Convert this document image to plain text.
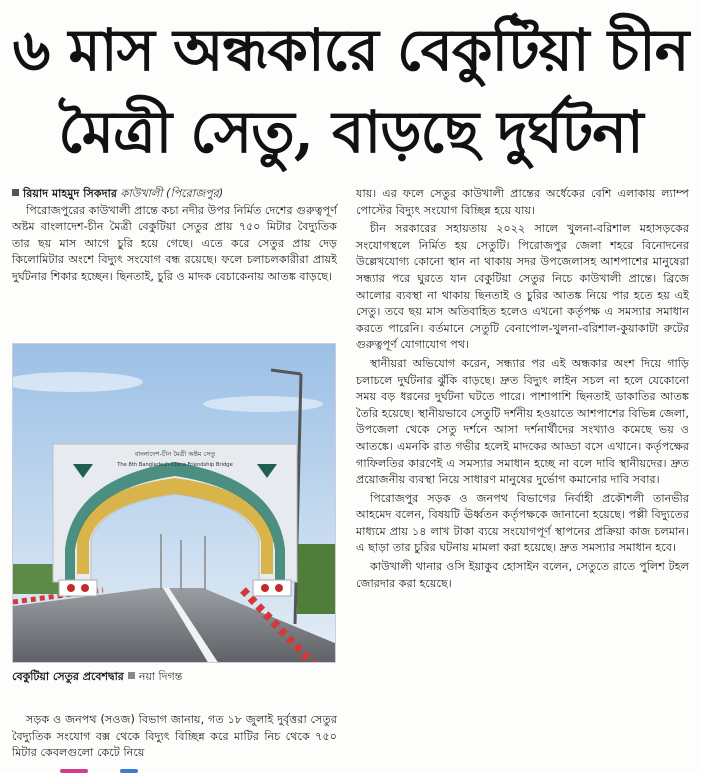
৬ মাস অন্ধকারে বেকুটিয়া চীন
মৈত্রী সেতু, বাড়ছে দুর্ঘটনা
রিয়াদ মাহমুদ সিকদার কাউখালী (পিরোজপুর)

পিরোজপুরের কাউখালী প্রান্তে কচা নদীর উপর নির্মিত দেশের গুরুত্বপূর্ণ অষ্টম বাংলাদেশ-চীন মৈত্রী বেকুটিয়া সেতুর প্রায় ৭৫০ মিটার বৈদ্যুতিক তার ছয় মাস আগে চুরি হয়ে গেছে। এতে করে সেতুর প্রায় দেড় কিলোমিটার অংশে বিদ্যুৎ সংযোগ বন্ধ রয়েছে। ফলে চলাচলকারীরা প্রায়ই দুর্ঘটনার শিকার হচ্ছেন। ছিনতাই, চুরি ও মাদক বেচাকেনায় আতঙ্ক বাড়ছে।

বাংলাদেশ-চীন মৈত্রী অষ্টম সেতু
The 8th Bangladesh-China Friendship Bridge
বেকুটিয়া সেতুর প্রবেশদ্বার নয়া দিগন্ত

সড়ক ও জনপথ (সওজ) বিভাগ জানায়, গত ১৮ জুলাই দুর্বৃত্তরা সেতুর বৈদ্যুতিক সংযোগ বক্স থেকে বিদ্যুৎ বিচ্ছিন্ন করে মাটির নিচ থেকে ৭৫০ মিটার কেবলগুলো কেটে নিয়ে

যায়। এর ফলে সেতুর কাউখালী প্রান্তের অর্ধেকের বেশি এলাকায় ল্যাম্প পোস্টের বিদ্যুৎ সংযোগ বিচ্ছিন্ন হয়ে যায়।

চীন সরকারের সহায়তায় ২০২২ সালে খুলনা-বরিশাল মহাসড়কের সংযোগস্থলে নির্মিত হয় সেতুটি। পিরোজপুর জেলা শহরে বিনোদনের উল্লেখযোগ্য কোনো স্থান না থাকায় সদর উপজেলাসহ আশপাশের মানুষেরা সন্ধ্যার পরে ঘুরতে যান বেকুটিয়া সেতুর নিচে কাউখালী প্রান্তে। ব্রিজে আলোর ব্যবস্থা না থাকায় ছিনতাই ও চুরির আতঙ্ক নিয়ে পার হতে হয় এই সেতু। তবে ছয় মাস অতিবাহিত হলেও এখনো কর্তৃপক্ষ এ সমস্যার সমাধান করতে পারেনি। বর্তমানে সেতুটি বেনাপোল-খুলনা-বরিশাল-কুয়াকাটা রুটের গুরুত্বপূর্ণ যোগাযোগ পথ।

স্থানীয়রা অভিযোগ করেন, সন্ধ্যার পর এই অন্ধকার অংশ দিয়ে গাড়ি চলাচলে দুর্ঘটনার ঝুঁকি বাড়ছে। দ্রুত বিদ্যুৎ লাইন সচল না হলে যেকোনো সময় বড় ধরনের দুর্ঘটনা ঘটতে পারে। পাশাপাশি ছিনতাই ডাকাতির আতঙ্ক তৈরি হয়েছে। স্থানীয়ভাবে সেতুটি দর্শনীয় হওয়াতে আশপাশের বিভিন্ন জেলা, উপজেলা থেকে সেতু দর্শনে আসা দর্শনার্থীদের সংখ্যাও কমেছে ভয় ও আতঙ্কে। এমনকি রাত গভীর হলেই মাদকের আড্ডা বসে এখানে। কর্তৃপক্ষের গাফিলতির কারণেই এ সমস্যার সমাধান হচ্ছে না বলে দাবি স্থানীয়দের। দ্রুত প্রয়োজনীয় ব্যবস্থা নিয়ে সাধারণ মানুষের দুর্ভোগ কমানোর দাবি সবার।

পিরোজপুর সড়ক ও জনপথ বিভাগের নির্বাহী প্রকৌশলী তানভীর আহমেদ বলেন, বিষয়টি ঊর্ধ্বতন কর্তৃপক্ষকে জানানো হয়েছে। পল্লী বিদ্যুতের মাধ্যমে প্রায় ১৪ লাখ টাকা ব্যয়ে সংযোগপূর্ণ স্থাপনের প্রক্রিয়া কাজ চলমান। এ ছাড়া তার চুরির ঘটনায় মামলা করা হয়েছে। দ্রুত সমস্যার সমাধান হবে।

কাউখালী থানার ওসি ইয়াকুব হোসাইন বলেন, সেতুতে রাতে পুলিশ টহল জোরদার করা হয়েছে।
